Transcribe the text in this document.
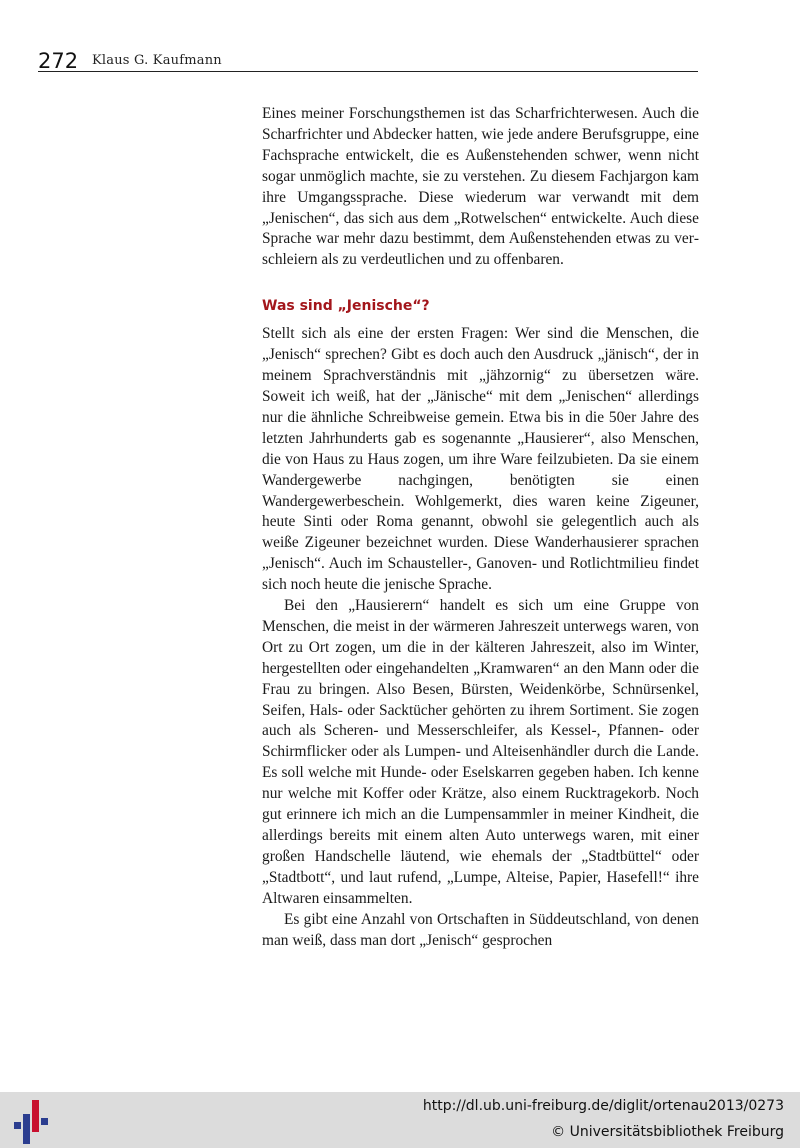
272 Klaus G. Kaufmann

Eines meiner Forschungsthemen ist das Scharfrichterwesen. Auch die Scharfrichter und Abdecker hatten, wie jede andere Berufsgruppe, eine Fachsprache entwickelt, die es Außenstehenden schwer, wenn nicht sogar unmöglich machte, sie zu verstehen. Zu diesem Fachjargon kam ihre Umgangssprache. Diese wiederum war verwandt mit dem „Jenischen“, das sich aus dem „Rotwelschen“ entwickelte. Auch diese Sprache war mehr dazu bestimmt, dem Außenstehenden etwas zu verschleiern als zu verdeutlichen und zu offenbaren.

Was sind „Jenische“?

Stellt sich als eine der ersten Fragen: Wer sind die Menschen, die „Jenisch“ sprechen? Gibt es doch auch den Ausdruck „jänisch“, der in meinem Sprachverständnis mit „jähzornig“ zu übersetzen wäre. Soweit ich weiß, hat der „Jänische“ mit dem „Jenischen“ allerdings nur die ähnliche Schreibweise gemein. Etwa bis in die 50er Jahre des letzten Jahrhunderts gab es sogenannte „Hausierer“, also Menschen, die von Haus zu Haus zogen, um ihre Ware feilzubieten. Da sie einem Wandergewerbe nachgingen, benötigten sie einen Wandergewerbeschein. Wohlgemerkt, dies waren keine Zigeuner, heute Sinti oder Roma genannt, obwohl sie gelegentlich auch als weiße Zigeuner bezeichnet wurden. Diese Wanderhausierer sprachen „Jenisch“. Auch im Schausteller-, Ganoven- und Rotlichtmilieu findet sich noch heute die jenische Sprache.

Bei den „Hausierern“ handelt es sich um eine Gruppe von Menschen, die meist in der wärmeren Jahreszeit unterwegs waren, von Ort zu Ort zogen, um die in der kälteren Jahreszeit, also im Winter, hergestellten oder eingehandelten „Kramwaren“ an den Mann oder die Frau zu bringen. Also Besen, Bürsten, Weidenkörbe, Schnürsenkel, Seifen, Hals- oder Sacktücher gehörten zu ihrem Sortiment. Sie zogen auch als Scheren- und Messerschleifer, als Kessel-, Pfannen- oder Schirmflicker oder als Lumpen- und Alteisenhändler durch die Lande. Es soll welche mit Hunde- oder Eselskarren gegeben haben. Ich kenne nur welche mit Koffer oder Krätze, also einem Rucktragekorb. Noch gut erinnere ich mich an die Lumpensammler in meiner Kindheit, die allerdings bereits mit einem alten Auto unterwegs waren, mit einer großen Handschelle läutend, wie ehemals der „Stadtbüttel“ oder „Stadtbott“, und laut rufend, „Lumpe, Alteise, Papier, Hasefell!“ ihre Altwaren einsammelten.

Es gibt eine Anzahl von Ortschaften in Süddeutschland, von denen man weiß, dass man dort „Jenisch“ gesprochen

http://dl.ub.uni-freiburg.de/diglit/ortenau2013/0273
© Universitätsbibliothek Freiburg
